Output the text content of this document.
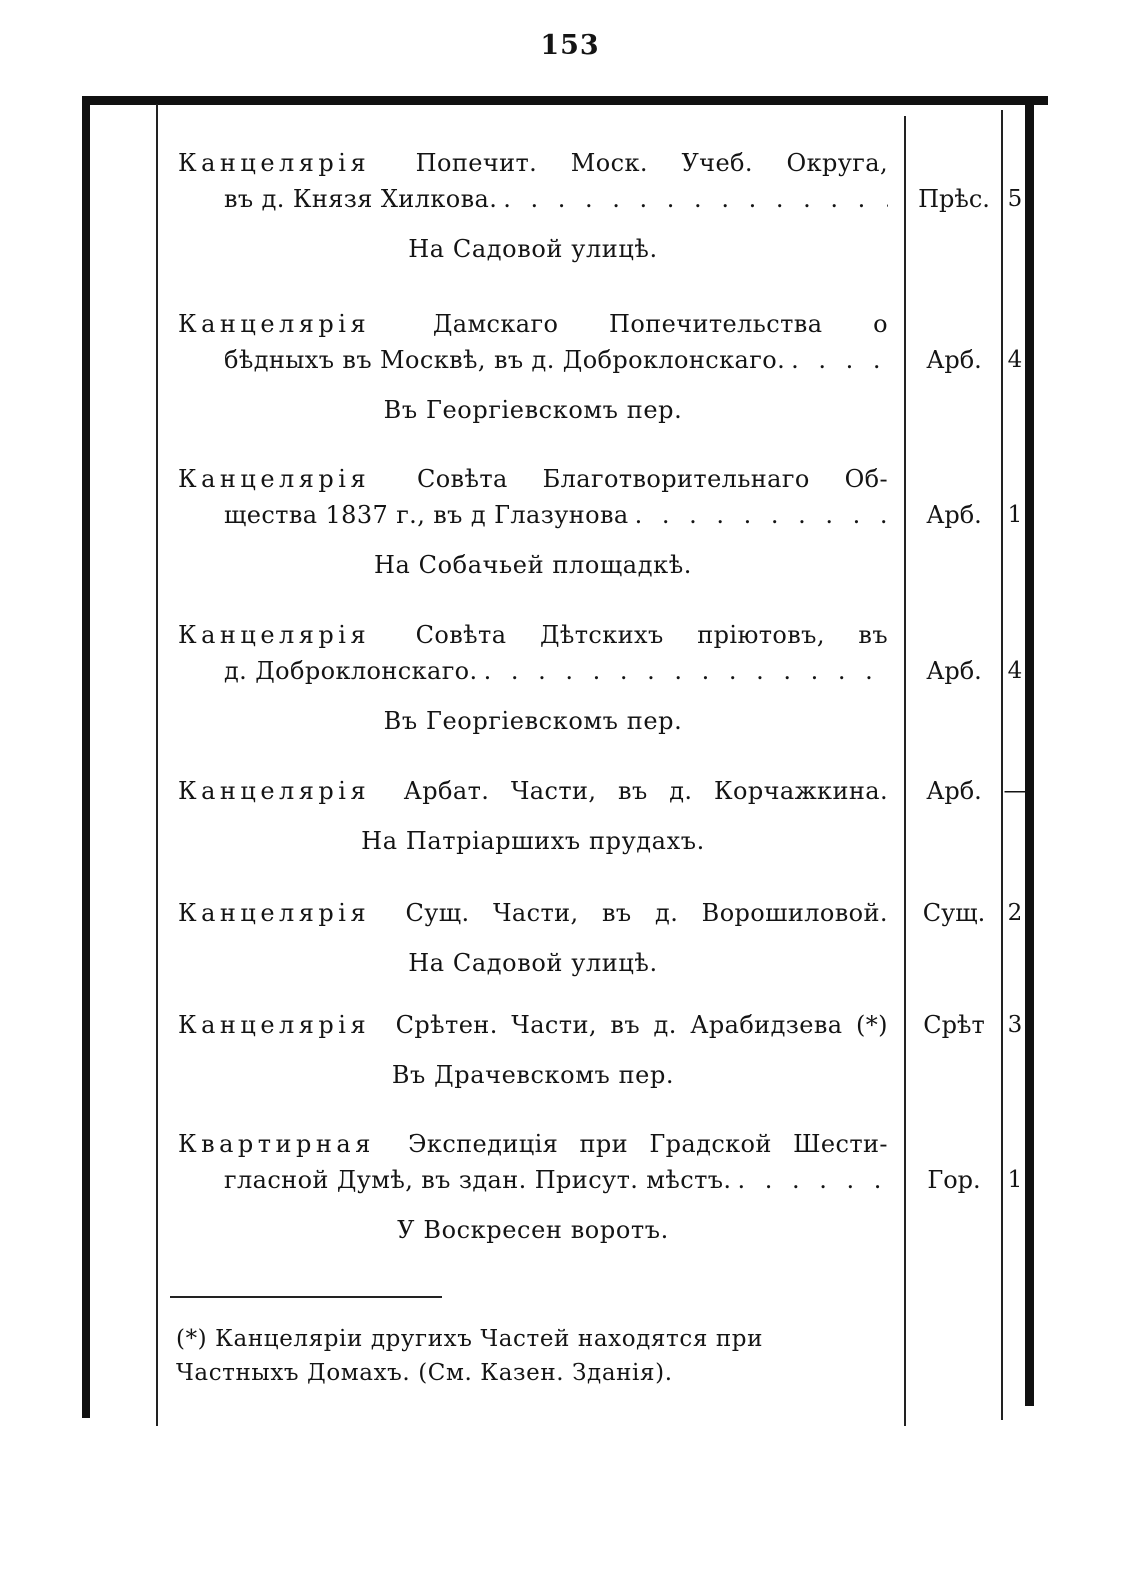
153
Канцелярія Попечит. Моск. Учеб. Округа,
въ д. Князя Хилкова. . . .	Прѣс. 5
На Садовой улицѣ.
Канцелярія	Дамскаго Попечительства о
бѣдныхъ въ Москвѣ, въ д. Доброклонскаго. . . .	Арб.	4
Въ Георгіевскомъ пер.
Канцелярія Совѣта Благотворительнаго Об-
щества 1837 г., въ д Глазунова . . .	Арб.	1
На Собачьей площадкѣ.
Канцелярія Совѣта Дѣтскихъ пріютовъ, въ
д. Доброклонскаго. . . .	Арб.	4
Въ Георгіевскомъ пер.
Канцелярія Арбат. Части, въ д. Корчажкина.	Арб. —
На Патріаршихъ прудахъ.
Канцелярія Сущ. Части, въ д. Ворошиловой.	Сущ. 2
На Садовой улицѣ.
Канцелярія Срѣтен. Части, въ д. Арабидзева (*)	Срѣт 3
Въ Драчевскомъ пер.
Квартирная Экспедиція при Градской Шести-
гласной Думѣ, въ здан. Присут. мѣстъ. . . .	Гор.	1
У Воскресен воротъ.
(*) Канцеляріи другихъ Частей находятся при
Частныхъ Домахъ. (См. Казен. Зданія).
